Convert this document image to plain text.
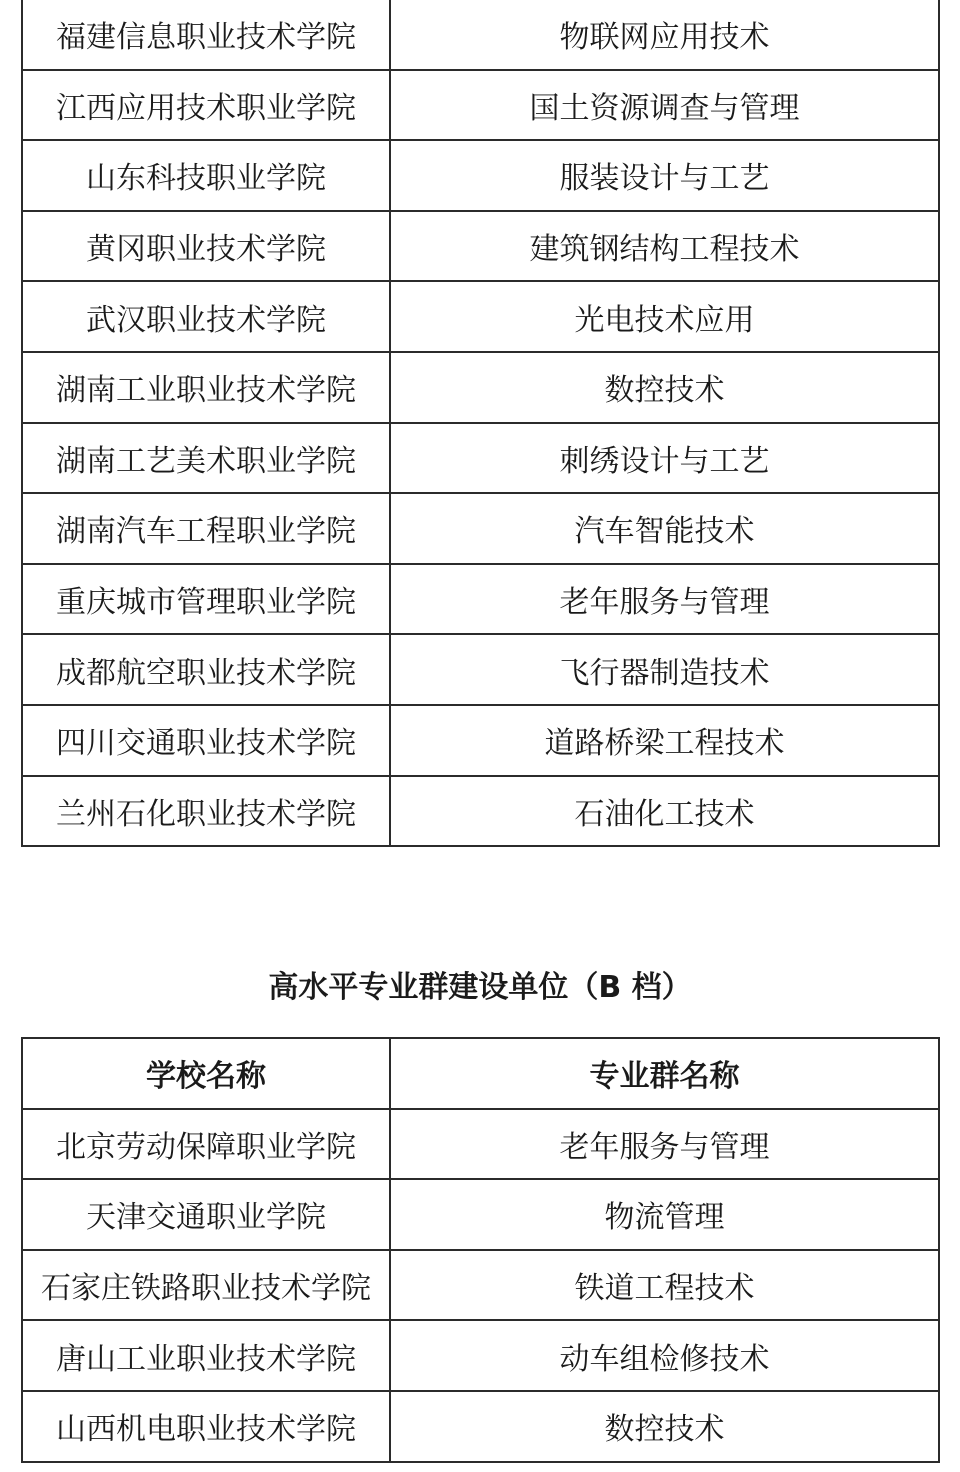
福建信息职业技术学院	物联网应用技术
江西应用技术职业学院	国土资源调查与管理
山东科技职业学院	服装设计与工艺
黄冈职业技术学院	建筑钢结构工程技术
武汉职业技术学院	光电技术应用
湖南工业职业技术学院	数控技术
湖南工艺美术职业学院	刺绣设计与工艺
湖南汽车工程职业学院	汽车智能技术
重庆城市管理职业学院	老年服务与管理
成都航空职业技术学院	飞行器制造技术
四川交通职业技术学院	道路桥梁工程技术
兰州石化职业技术学院	石油化工技术
高水平专业群建设单位（B 档）
学校名称	专业群名称
北京劳动保障职业学院	老年服务与管理
天津交通职业学院	物流管理
石家庄铁路职业技术学院	铁道工程技术
唐山工业职业技术学院	动车组检修技术
山西机电职业技术学院	数控技术
